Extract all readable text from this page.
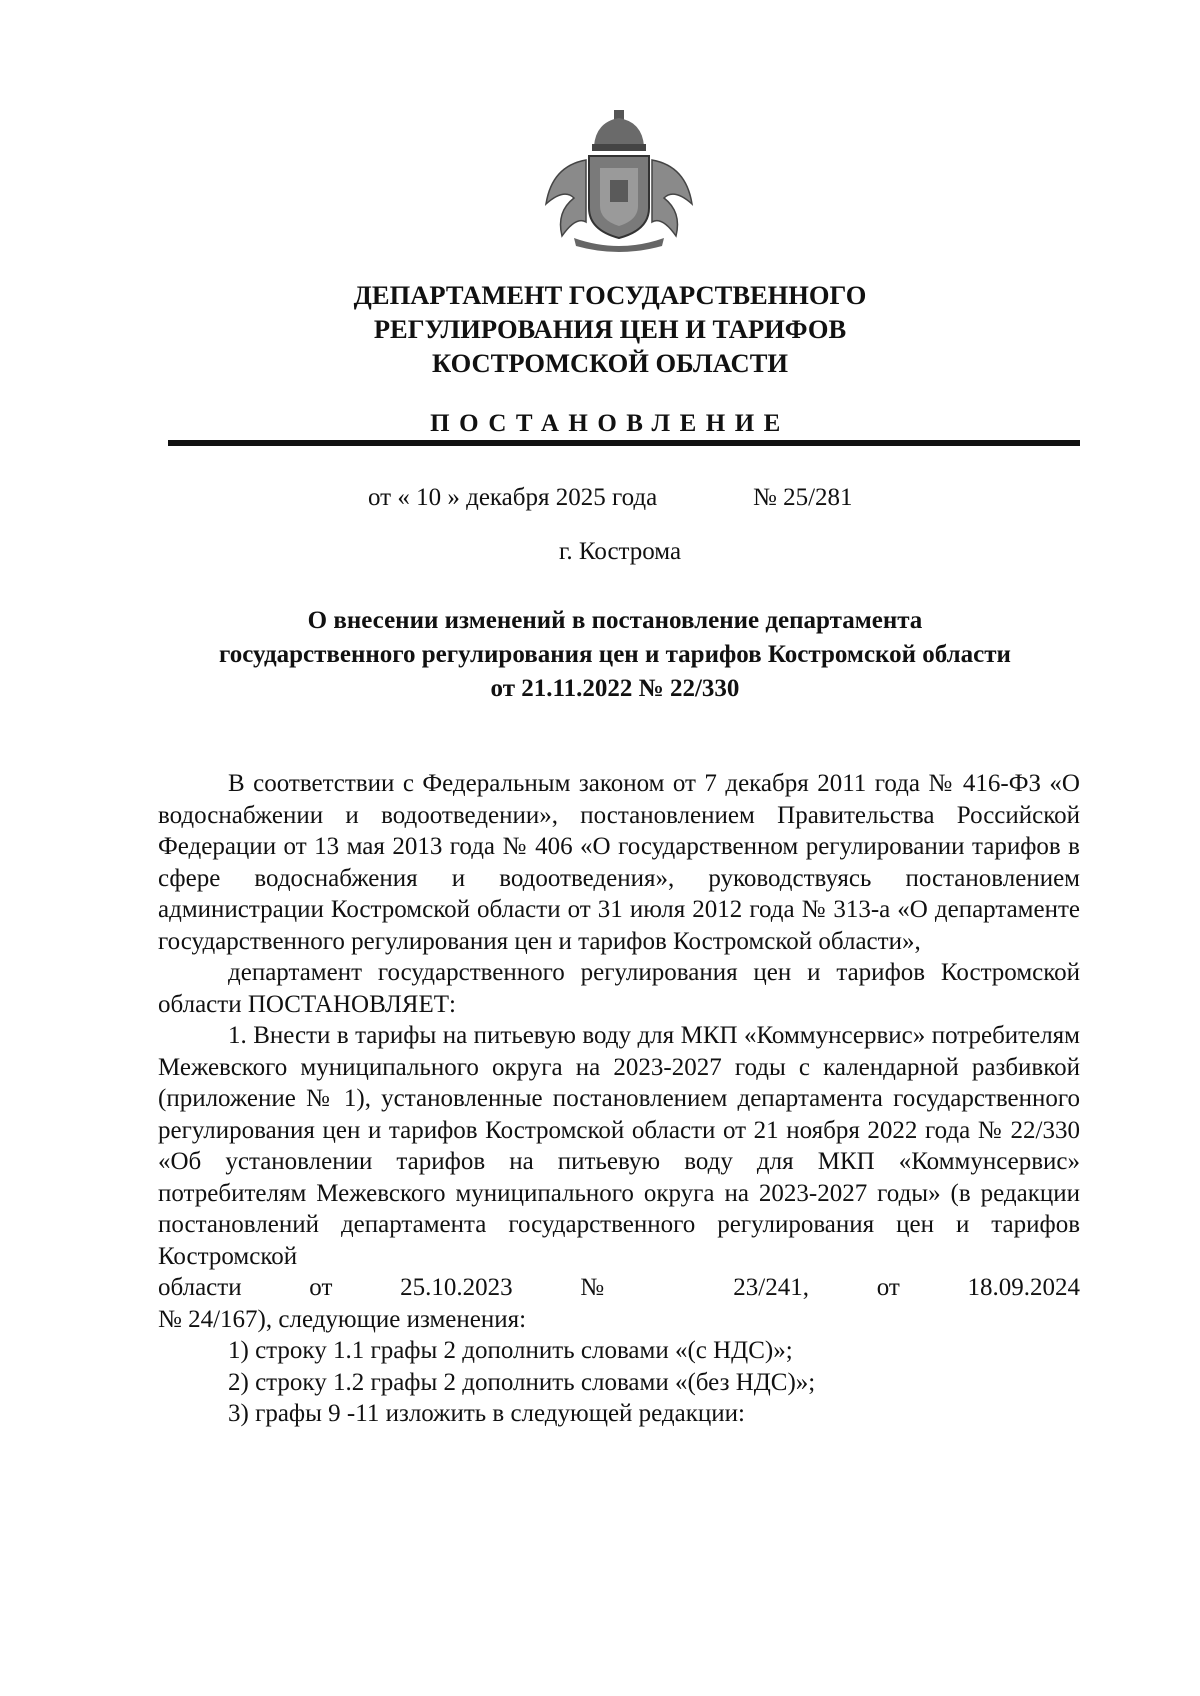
ДЕПАРТАМЕНТ ГОСУДАРСТВЕННОГО
РЕГУЛИРОВАНИЯ ЦЕН И ТАРИФОВ
КОСТРОМСКОЙ ОБЛАСТИ
ПОСТАНОВЛЕНИЕ
от « 10 » декабря 2025 года	№ 25/281
г. Кострома
О внесении изменений в постановление департамента
государственного регулирования цен и тарифов Костромской области
от 21.11.2022 № 22/330

В соответствии с Федеральным законом от 7 декабря 2011 года № 416-ФЗ «О водоснабжении и водоотведении», постановлением Правительства Российской Федерации от 13 мая 2013 года № 406 «О государственном регулировании тарифов в сфере водоснабжения и водоотведения», руководствуясь постановлением администрации Костромской области от 31 июля 2012 года № 313-а «О департаменте государственного регулирования цен и тарифов Костромской области»,

департамент государственного регулирования цен и тарифов Костромской области ПОСТАНОВЛЯЕТ:

1. Внести в тарифы на питьевую воду для МКП «Коммунсервис» потребителям Межевского муниципального округа на 2023-2027 годы с календарной разбивкой (приложение № 1), установленные постановлением департамента государственного регулирования цен и тарифов Костромской области от 21 ноября 2022 года № 22/330 «Об установлении тарифов на питьевую воду для МКП «Коммунсервис» потребителям Межевского муниципального округа на 2023-2027 годы» (в редакции постановлений департамента государственного регулирования цен и тарифов Костромской

области от 25.10.2023 № 23/241, от 18.09.2024

№ 24/167), следующие изменения:

1) строку 1.1 графы 2 дополнить словами «(с НДС)»;

2) строку 1.2 графы 2 дополнить словами «(без НДС)»;

3) графы 9 -11 изложить в следующей редакции:
